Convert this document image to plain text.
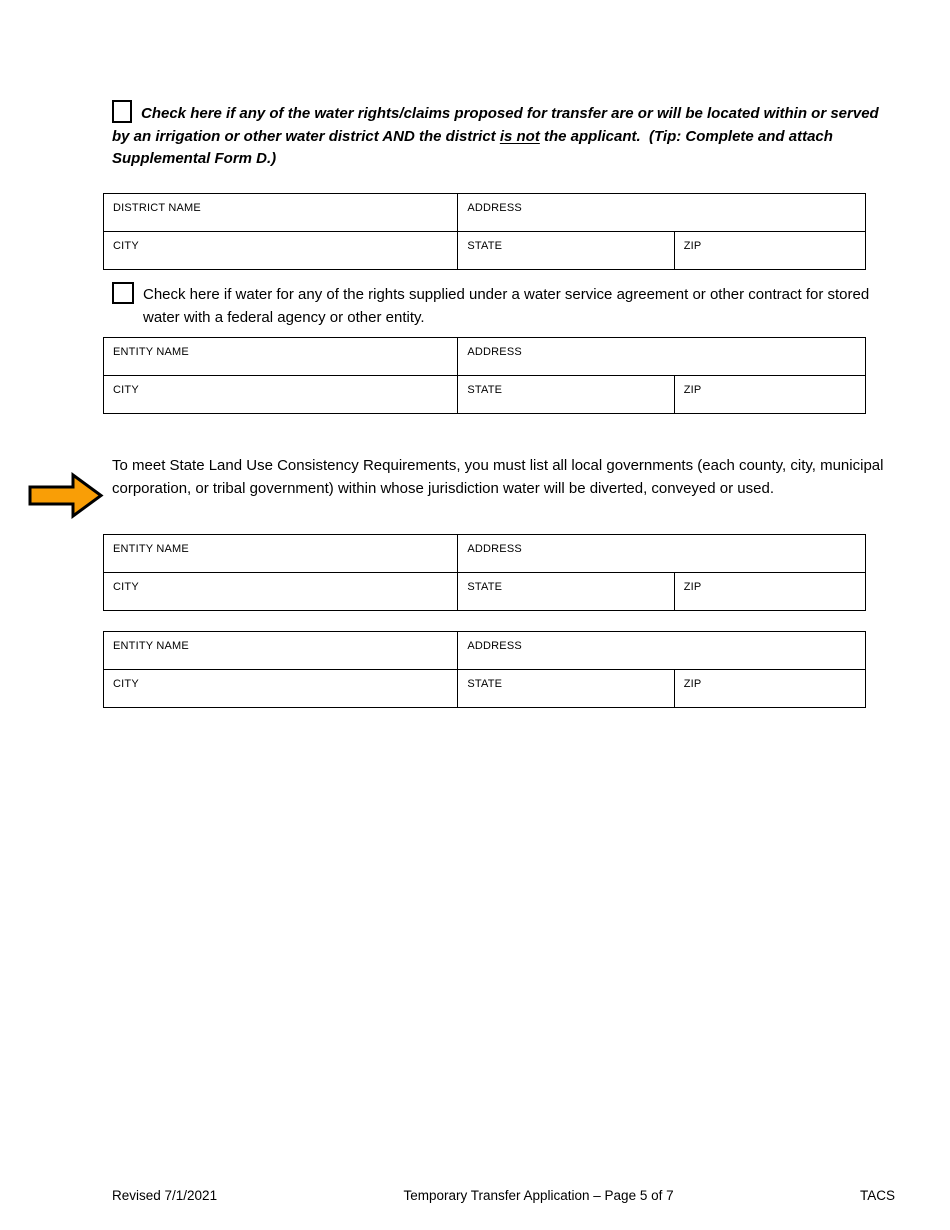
Check here if any of the water rights/claims proposed for transfer are or will be located within or served by an irrigation or other water district AND the district is not the applicant.  (Tip: Complete and attach Supplemental Form D.)
DISTRICT NAME	ADDRESS	
CITY	STATE	ZIP
Check here if water for any of the rights supplied under a water service agreement or other contract for stored water with a federal agency or other entity.
ENTITY NAME	ADDRESS	
CITY	STATE	ZIP
To meet State Land Use Consistency Requirements, you must list all local governments (each county, city, municipal corporation, or tribal government) within whose jurisdiction water will be diverted, conveyed or used.
ENTITY NAME	ADDRESS	
CITY	STATE	ZIP
ENTITY NAME	ADDRESS	
CITY	STATE	ZIP
Revised 7/1/2021	Temporary Transfer Application – Page 5 of 7	TACS
